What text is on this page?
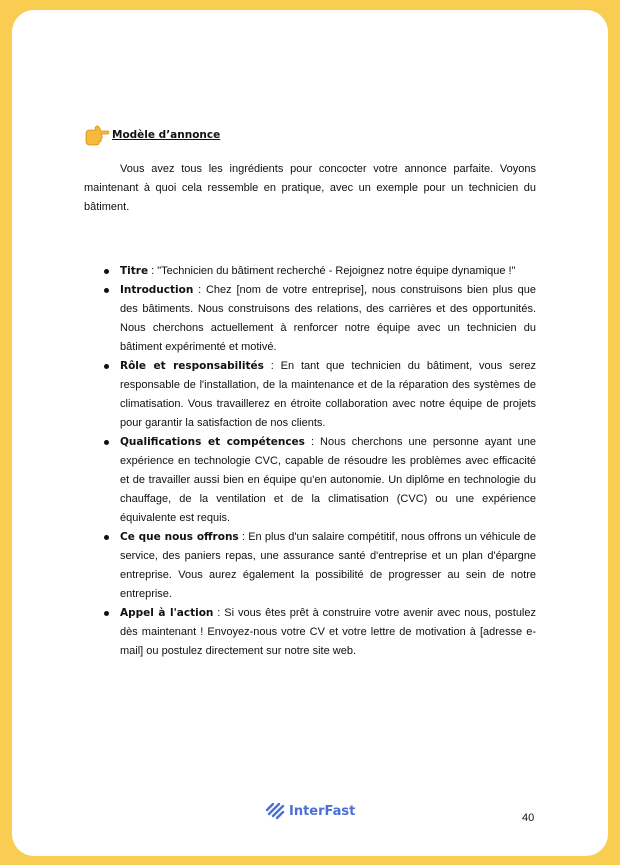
Modèle d’annonce

Vous avez tous les ingrédients pour concocter votre annonce parfaite. Voyons maintenant à quoi cela ressemble en pratique, avec un exemple pour un technicien du bâtiment.

Titre : "Technicien du bâtiment recherché - Rejoignez notre équipe dynamique !"
Introduction : Chez [nom de votre entreprise], nous construisons bien plus que des bâtiments. Nous construisons des relations, des carrières et des opportunités. Nous cherchons actuellement à renforcer notre équipe avec un technicien du bâtiment expérimenté et motivé.
Rôle et responsabilités : En tant que technicien du bâtiment, vous serez responsable de l'installation, de la maintenance et de la réparation des systèmes de climatisation. Vous travaillerez en étroite collaboration avec notre équipe de projets pour garantir la satisfaction de nos clients.
Qualifications et compétences : Nous cherchons une personne ayant une expérience en technologie CVC, capable de résoudre les problèmes avec efficacité et de travailler aussi bien en équipe qu'en autonomie. Un diplôme en technologie du chauffage, de la ventilation et de la climatisation (CVC) ou une expérience équivalente est requis.
Ce que nous offrons : En plus d'un salaire compétitif, nous offrons un véhicule de service, des paniers repas, une assurance santé d'entreprise et un plan d'épargne entreprise. Vous aurez également la possibilité de progresser au sein de notre entreprise.
Appel à l'action : Si vous êtes prêt à construire votre avenir avec nous, postulez dès maintenant ! Envoyez-nous votre CV et votre lettre de motivation à [adresse e-mail] ou postulez directement sur notre site web.
InterFast	40
